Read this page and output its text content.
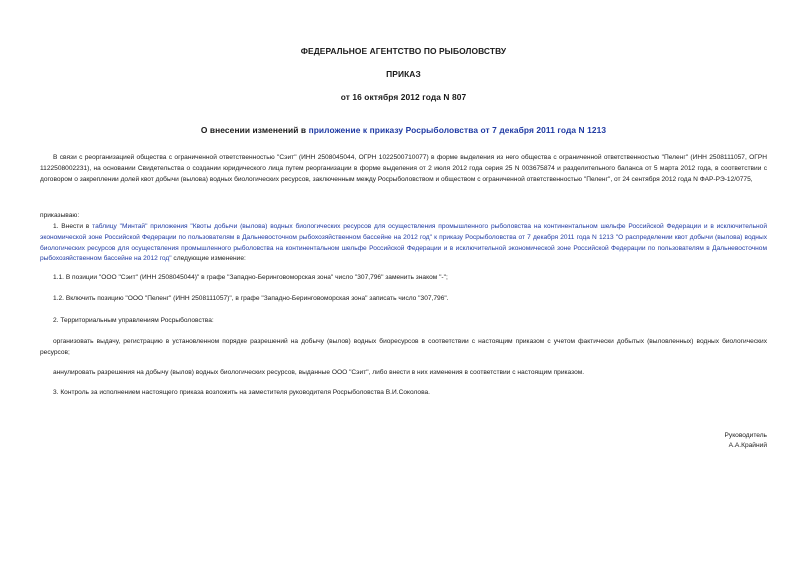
ФЕДЕРАЛЬНОЕ АГЕНТСТВО ПО РЫБОЛОВСТВУ
ПРИКАЗ
от 16 октября 2012 года N 807
О внесении изменений в приложение к приказу Росрыболовства от 7 декабря 2011 года N 1213
В связи с реорганизацией общества с ограниченной ответственностью "Сэит" (ИНН 2508045044, ОГРН 1022500710077) в форме выделения из него общества с ограниченной ответственностью "Пеленг" (ИНН 2508111057, ОГРН 1122508002231), на основании Свидетельства о создании юридического лица путем реорганизации в форме выделения от 2 июля 2012 года серия 25 N 003675874 и разделительного баланса от 5 марта 2012 года, в соответствии с договором о закреплении долей квот добычи (вылова) водных биологических ресурсов, заключенным между Росрыболовством и обществом с ограниченной ответственностью "Пеленг", от 24 сентября 2012 года N ФАР-РЭ-12/0775,
приказываю:
1. Внести в таблицу "Минтай" приложения "Квоты добычи (вылова) водных биологических ресурсов для осуществления промышленного рыболовства на континентальном шельфе Российской Федерации и в исключительной экономической зоне Российской Федерации по пользователям в Дальневосточном рыбохозяйственном бассейне на 2012 год" к приказу Росрыболовства от 7 декабря 2011 года N 1213 "О распределении квот добычи (вылова) водных биологических ресурсов для осуществления промышленного рыболовства на континентальном шельфе Российской Федерации и в исключительной экономической зоне Российской Федерации по пользователям в Дальневосточном рыбохозяйственном бассейне на 2012 год" следующие изменение:
1.1. В позиции "ООО "Сэит" (ИНН 2508045044)" в графе "Западно-Беринговоморская зона" число "307,796" заменить знаком "-";
1.2. Включить позицию "ООО "Пеленг" (ИНН 2508111057)", в графе "Западно-Беринговоморская зона" записать число "307,796".
2. Территориальным управлениям Росрыболовства:
организовать выдачу, регистрацию в установленном порядке разрешений на добычу (вылов) водных биоресурсов в соответствии с настоящим приказом с учетом фактически добытых (выловленных) водных биологических ресурсов;
аннулировать разрешения на добычу (вылов) водных биологических ресурсов, выданные ООО "Сэит", либо внести в них изменения в соответствии с настоящим приказом.
3. Контроль за исполнением настоящего приказа возложить на заместителя руководителя Росрыболовства В.И.Соколова.
Руководитель
А.А.Крайний
